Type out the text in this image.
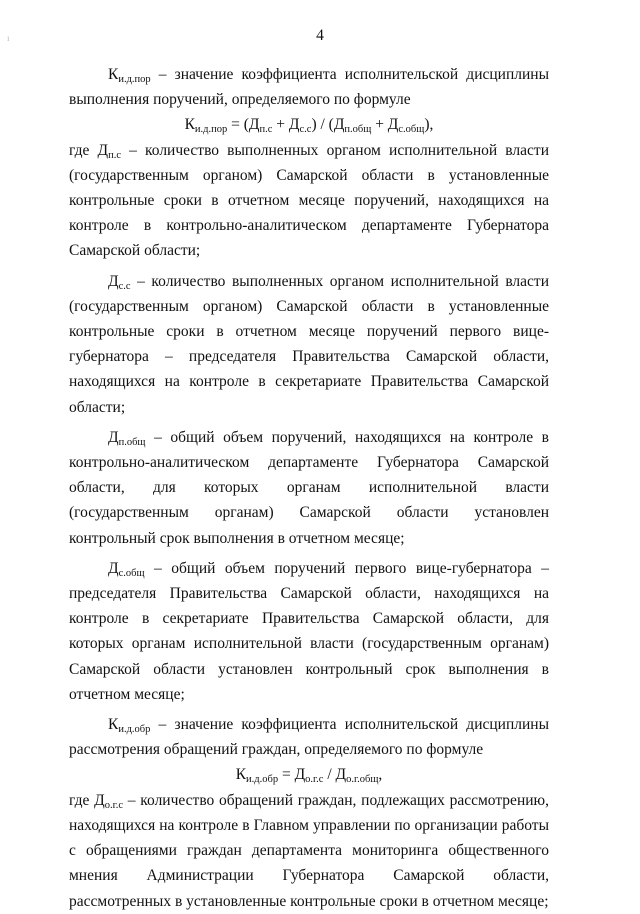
ı	4

$К_{и.д.пор}$ – значение коэффициента исполнительской дисциплины выполнения поручений, определяемого по формуле

$К_{и.д.пор} = (Д_{п.с} + Д_{с.с}) / (Д_{п.общ} + Д_{с.общ})$,

где $Д_{п.с}$ – количество выполненных органом исполнительной власти (государственным органом) Самарской области в установленные контрольные сроки в отчетном месяце поручений, находящихся на контроле в контрольно-аналитическом департаменте Губернатора Самарской области;

$Д_{с.с}$ – количество выполненных органом исполнительной власти (государственным органом) Самарской области в установленные контрольные сроки в отчетном месяце поручений первого вице-губернатора – председателя Правительства Самарской области, находящихся на контроле в секретариате Правительства Самарской области;

$Д_{п.общ}$ – общий объем поручений, находящихся на контроле в контрольно-аналитическом департаменте Губернатора Самарской области, для которых органам исполнительной власти (государственным органам) Самарской области установлен контрольный срок выполнения в отчетном месяце;

$Д_{с.общ}$ – общий объем поручений первого вице-губернатора – председателя Правительства Самарской области, находящихся на контроле в секретариате Правительства Самарской области, для которых органам исполнительной власти (государственным органам) Самарской области установлен контрольный срок выполнения в отчетном месяце;

$К_{и.д.обр}$ – значение коэффициента исполнительской дисциплины рассмотрения обращений граждан, определяемого по формуле

$К_{и.д.обр} = Д_{о.г.с} / Д_{о.г.общ}$,

где $Д_{о.г.с}$ – количество обращений граждан, подлежащих рассмотрению, находящихся на контроле в Главном управлении по организации работы с обращениями граждан департамента мониторинга общественного мнения Администрации Губернатора Самарской области, рассмотренных в установленные контрольные сроки в отчетном месяце;
